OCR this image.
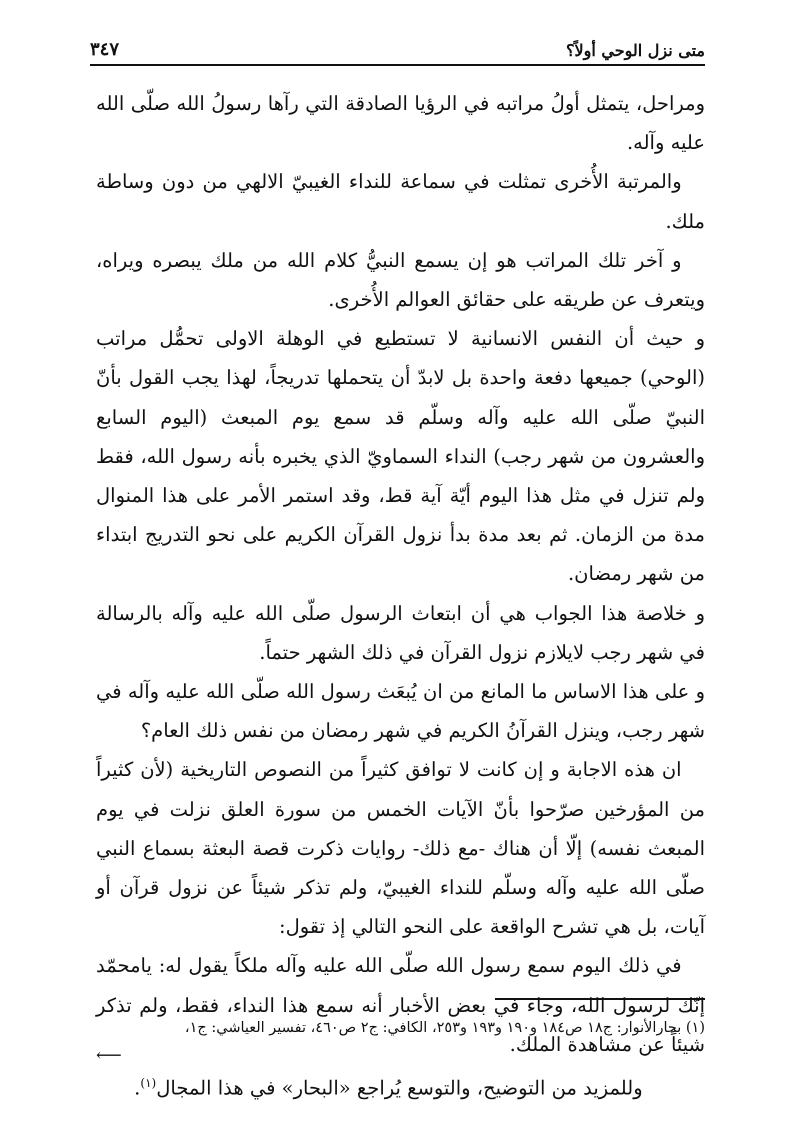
متى نزل الوحي أولاً؟
٣٤٧

ومراحل، يتمثل أولُ مراتبه في الرؤيا الصادقة التي رآها رسولُ الله صلّى الله عليه وآله.

والمرتبة الأُخرى تمثلت في سماعة للنداء الغيبيّ الالهي من دون وساطة ملك.

و آخر تلك المراتب هو إن يسمع النبيُّ كلام الله من ملك يبصره ويراه، ويتعرف عن طريقه على حقائق العوالم الأُخرى.

و حيث أن النفس الانسانية لا تستطيع في الوهلة الاولى تحمُّل مراتب (الوحي) جميعها دفعة واحدة بل لابدّ أن يتحملها تدريجاً، لهذا يجب القول بأنّ النبيّ صلّى الله عليه وآله وسلّم قد سمع يوم المبعث (اليوم السابع والعشرون من شهر رجب) النداء السماويّ الذي يخبره بأنه رسول الله، فقط ولم تنزل في مثل هذا اليوم أيّة آية قط، وقد استمر الأمر على هذا المنوال مدة من الزمان. ثم بعد مدة بدأ نزول القرآن الكريم على نحو التدريج ابتداء من شهر رمضان.

و خلاصة هذا الجواب هي أن ابتعاث الرسول صلّى الله عليه وآله بالرسالة في شهر رجب لايلازم نزول القرآن في ذلك الشهر حتماً.

و على هذا الاساس ما المانع من ان يُبعَث رسول الله صلّى الله عليه وآله في شهر رجب، وينزل القرآنُ الكريم في شهر رمضان من نفس ذلك العام؟

ان هذه الاجابة و إن كانت لا توافق كثيراً من النصوص التاريخية (لأن كثيراً من المؤرخين صرّحوا بأنّ الآيات الخمس من سورة العلق نزلت في يوم المبعث نفسه) إلّا أن هناك -مع ذلك- روايات ذكرت قصة البعثة بسماع النبي صلّى الله عليه وآله وسلّم للنداء الغيبيّ، ولم تذكر شيئاً عن نزول قرآن أو آيات، بل هي تشرح الواقعة على النحو التالي إذ تقول:

في ذلك اليوم سمع رسول الله صلّى الله عليه وآله ملكاً يقول له: يامحمّد إنّك لرسول الله، وجاء في بعض الأخبار أنه سمع هذا النداء، فقط، ولم تذكر شيئاً عن مشاهدة الملك.

وللمزيد من التوضيح، والتوسع يُراجع «البحار» في هذا المجال$^{(١)}$.

(١) بحارالأنوار: ج١٨ ص١٨٤ و١٩٠ و١٩٣ و٢٥٣، الكافي: ج٢ ص٤٦٠، تفسير العياشي: ج١،
⟵
